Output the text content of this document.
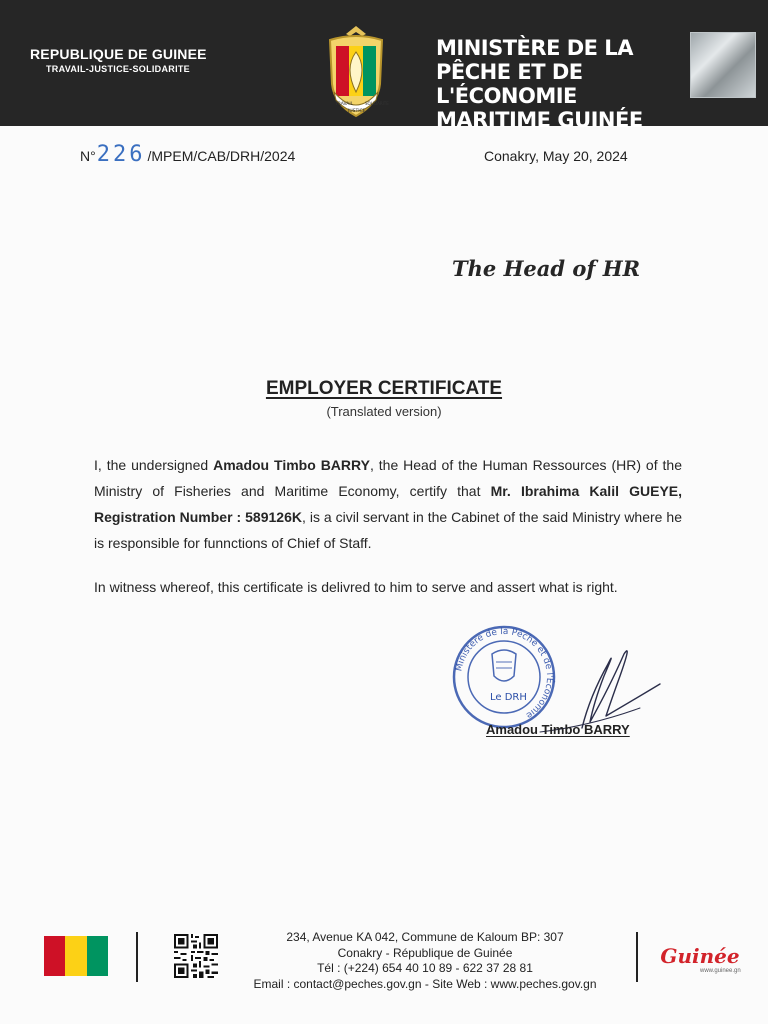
REPUBLIQUE DE GUINEE
TRAVAIL-JUSTICE-SOLIDARITE
TRAVAIL
JUSTICE
SOLIDARITE
MINISTÈRE DE LA PÊCHE ET DE
L'ÉCONOMIE MARITIME GUINÉE
N° 226 /MPEM/CAB/DRH/2024	Conakry, May 20, 2024
The Head of HR
EMPLOYER CERTIFICATE
(Translated version)
I, the undersigned Amadou Timbo BARRY, the Head of the Human Ressources (HR) of the Ministry of Fisheries and Maritime Economy, certify that Mr. Ibrahima Kalil GUEYE, Registration Number : 589126K, is a civil servant in the Cabinet of the said Ministry where he is responsible for funnctions of Chief of Staff.
In witness whereof, this certificate is delivred to him to serve and assert what is right.
Ministère de la Pêche et de l'Économie
Le DRH
Amadou Timbo BARRY
234, Avenue KA 042, Commune de Kaloum BP: 307
Conakry - République de Guinée
Tél : (+224) 654 40 10 89 - 622 37 28 81
Email : contact@peches.gov.gn - Site Web : www.peches.gov.gn
Guinée
www.guinee.gn
